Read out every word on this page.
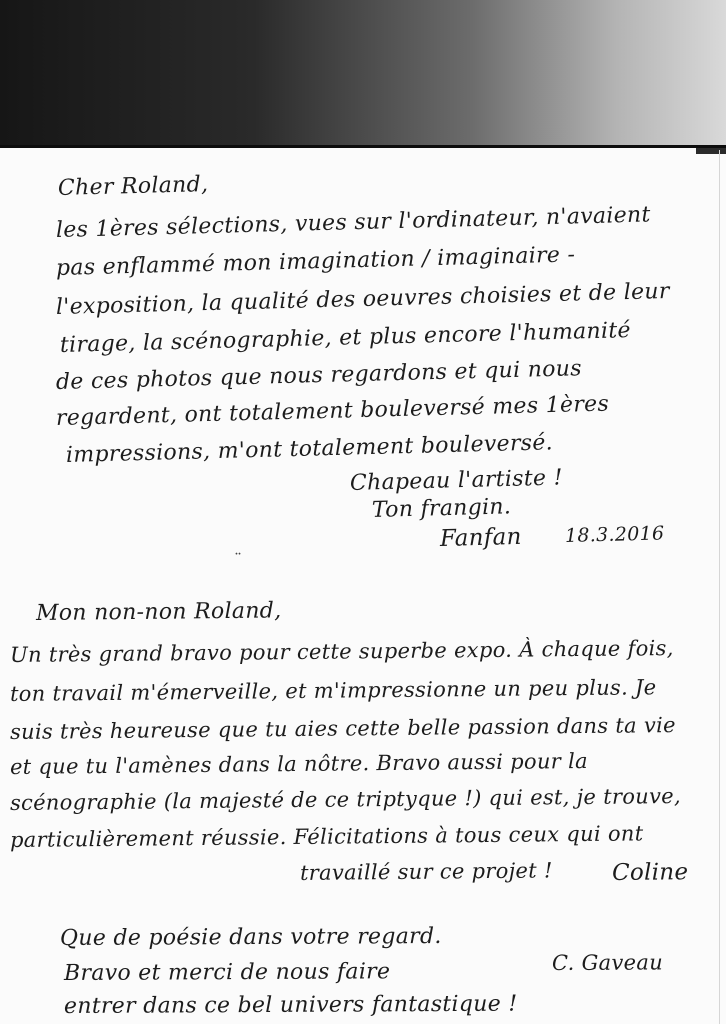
Cher Roland,
les 1ères sélections, vues sur l'ordinateur, n'avaient
pas enflammé mon imagination / imaginaire -
l'exposition, la qualité des oeuvres choisies et de leur
tirage, la scénographie, et plus encore l'humanité
de ces photos que nous regardons et qui nous
regardent, ont totalement bouleversé mes 1ères
impressions, m'ont totalement bouleversé.
Chapeau l'artiste !
Ton frangin.
Fanfan 18.3.2016
¨
Mon non-non Roland,
Un très grand bravo pour cette superbe expo. À chaque fois,
ton travail m'émerveille, et m'impressionne un peu plus. Je
suis très heureuse que tu aies cette belle passion dans ta vie
et que tu l'amènes dans la nôtre. Bravo aussi pour la
scénographie (la majesté de ce triptyque !) qui est, je trouve,
particulièrement réussie. Félicitations à tous ceux qui ont
travaillé sur ce projet !	Coline
Que de poésie dans votre regard.
Bravo et merci de nous faire
entrer dans ce bel univers fantastique !
C. Gaveau
